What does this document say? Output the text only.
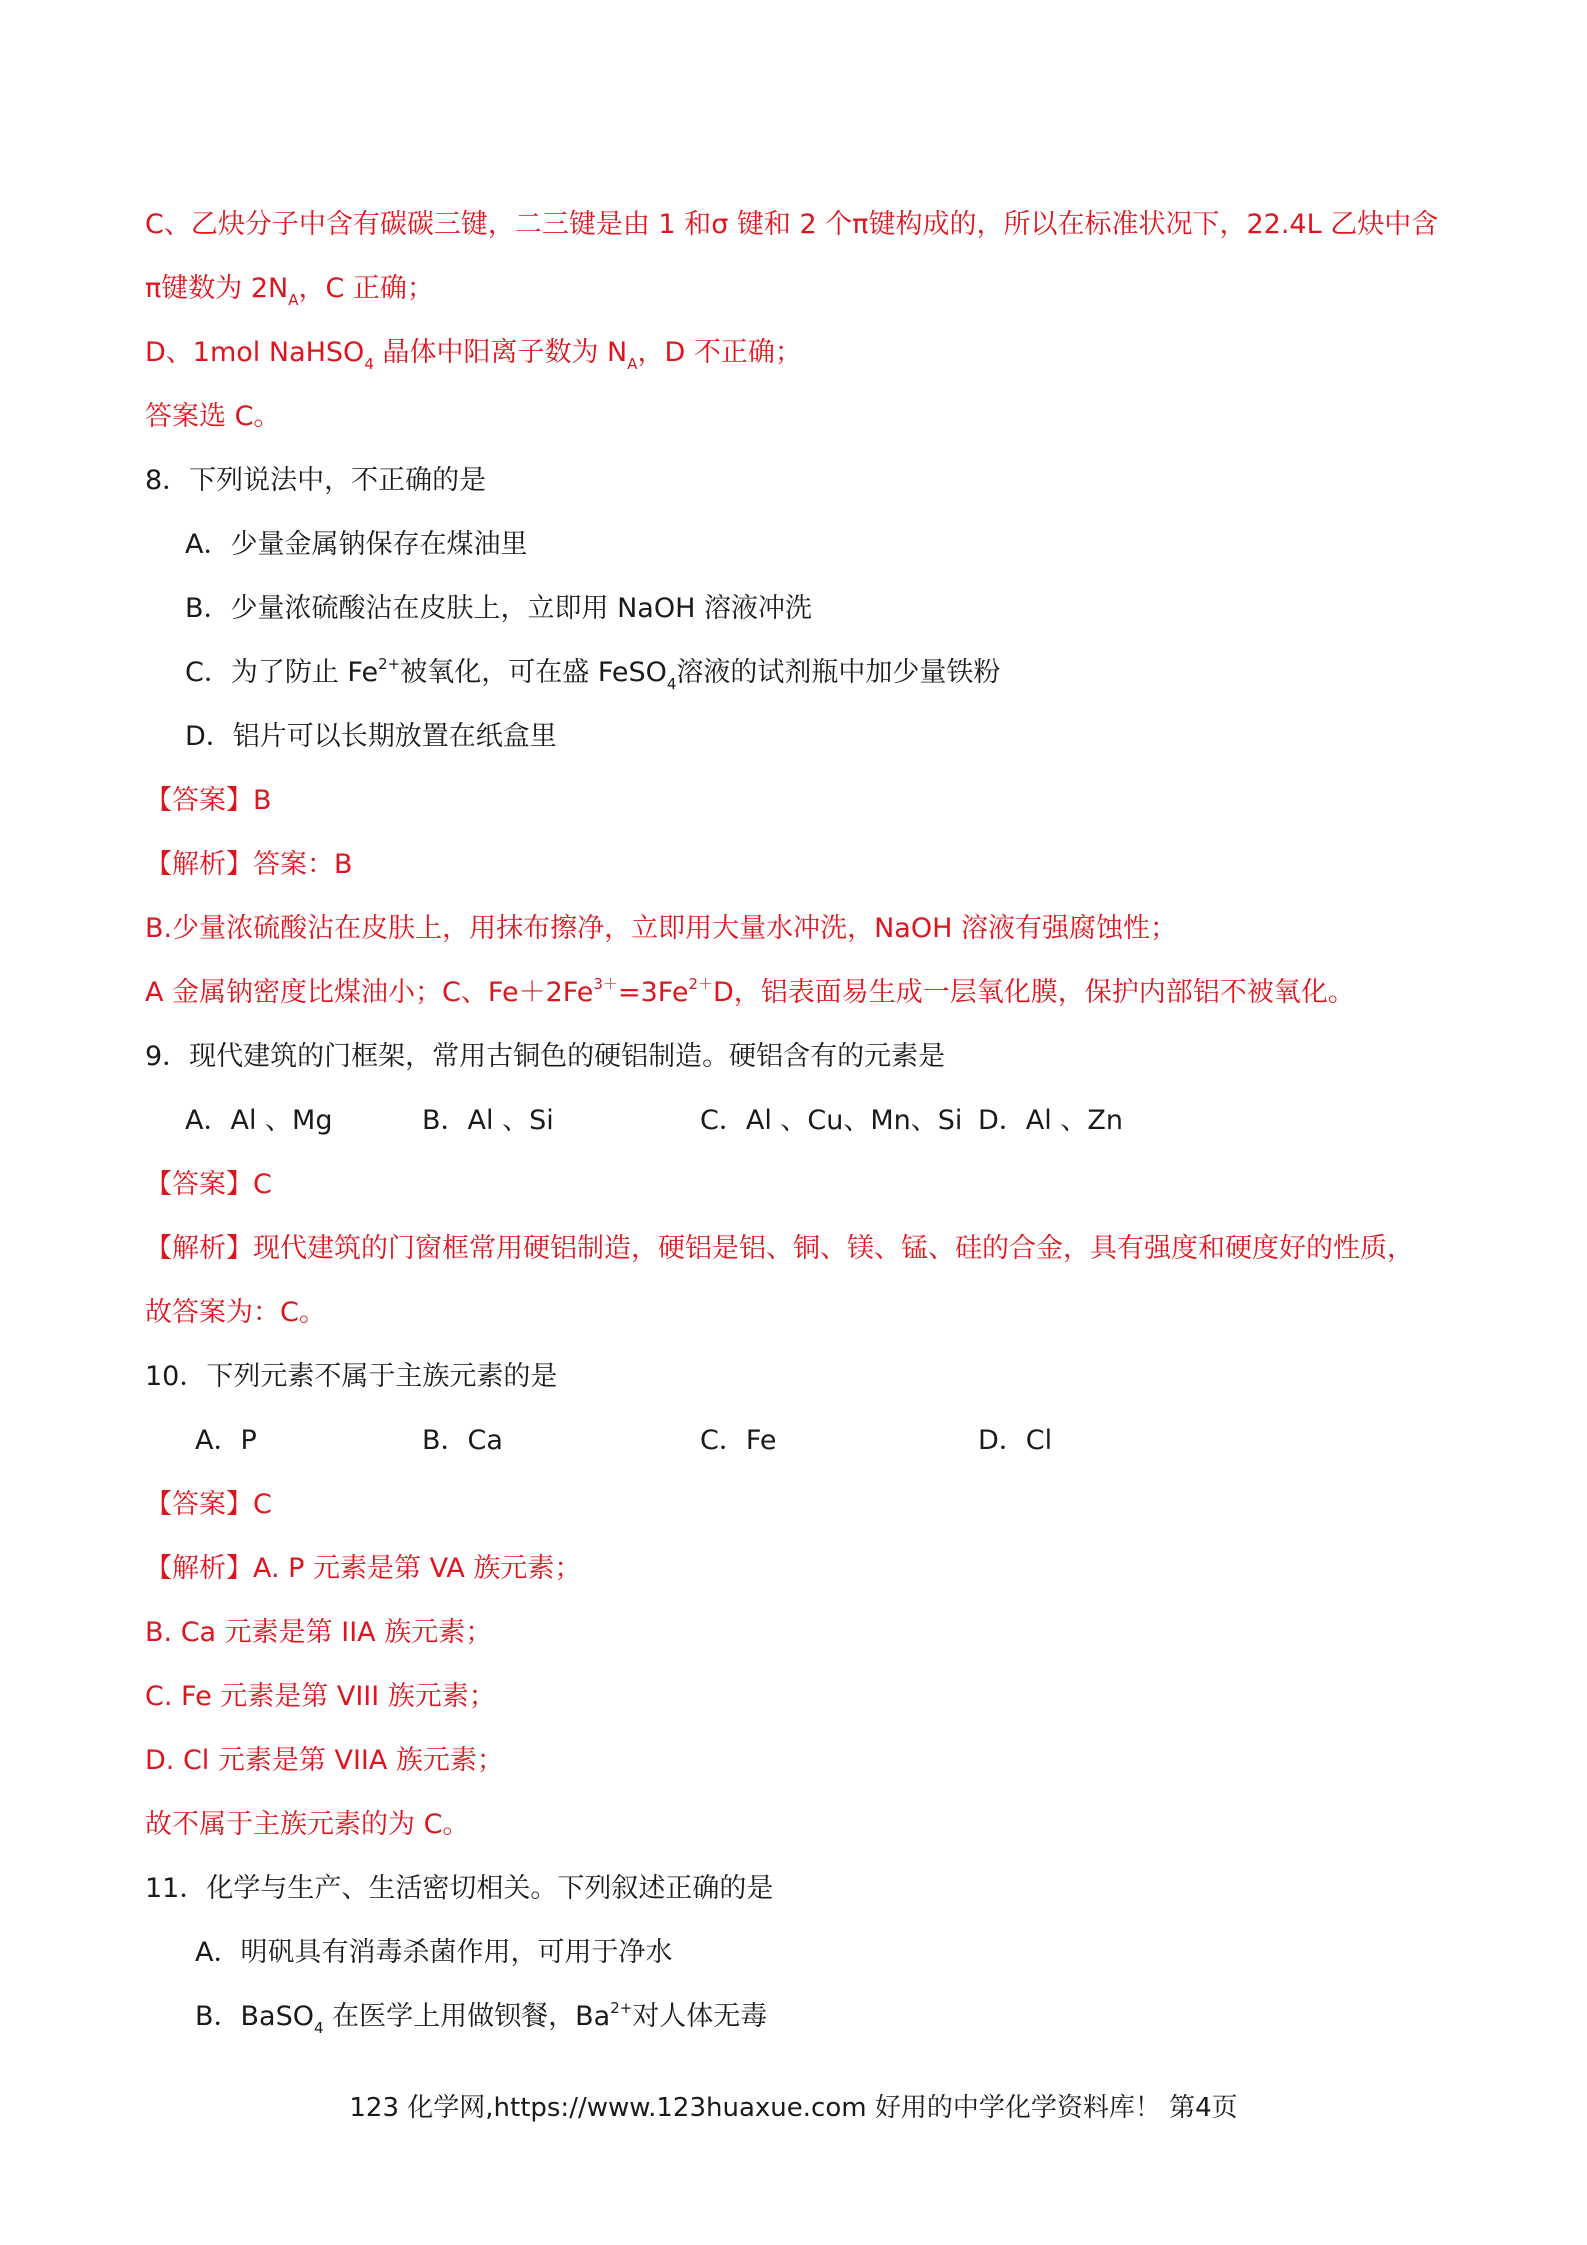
C、乙炔分子中含有碳碳三键，二三键是由 1 和σ 键和 2 个π键构成的，所以在标准状况下，22.4L 乙炔中含
π键数为 $2N_A$，C 正确；
D、1mol NaHSO$_4$ 晶体中阳离子数为 $N_A$，D 不正确；
答案选 C。
8．下列说法中，不正确的是
A．少量金属钠保存在煤油里
B．少量浓硫酸沾在皮肤上，立即用 NaOH 溶液冲洗
C．为了防止 $Fe^{2+}$被氧化，可在盛 FeSO$_4$溶液的试剂瓶中加少量铁粉
D．铝片可以长期放置在纸盒里
【答案】B
【解析】答案：B
B.少量浓硫酸沾在皮肤上，用抹布擦净，立即用大量水冲洗，NaOH 溶液有强腐蚀性；
A 金属钠密度比煤油小；C、$Fe+2Fe^{3+}=3Fe^{2+}D$，铝表面易生成一层氧化膜，保护内部铝不被氧化。
9．现代建筑的门框架，常用古铜色的硬铝制造。硬铝含有的元素是
A．Al 、Mg	B．Al 、Si	C．Al 、Cu、Mn、Si D．Al 、Zn
【答案】C
【解析】现代建筑的门窗框常用硬铝制造，硬铝是铝、铜、镁、锰、硅的合金，具有强度和硬度好的性质，
故答案为：C。
10．下列元素不属于主族元素的是
A．P	B．Ca	C．Fe	D．Cl
【答案】C
【解析】A. P 元素是第 VA 族元素；
B. Ca 元素是第 IIA 族元素；
C. Fe 元素是第 VIII 族元素；
D. Cl 元素是第 VIIA 族元素；
故不属于主族元素的为 C。
11．化学与生产、生活密切相关。下列叙述正确的是
A．明矾具有消毒杀菌作用，可用于净水
B．BaSO$_4$ 在医学上用做钡餐，$Ba^{2+}$对人体无毒
123 化学网,https://www.123huaxue.com 好用的中学化学资料库！ 第4页
